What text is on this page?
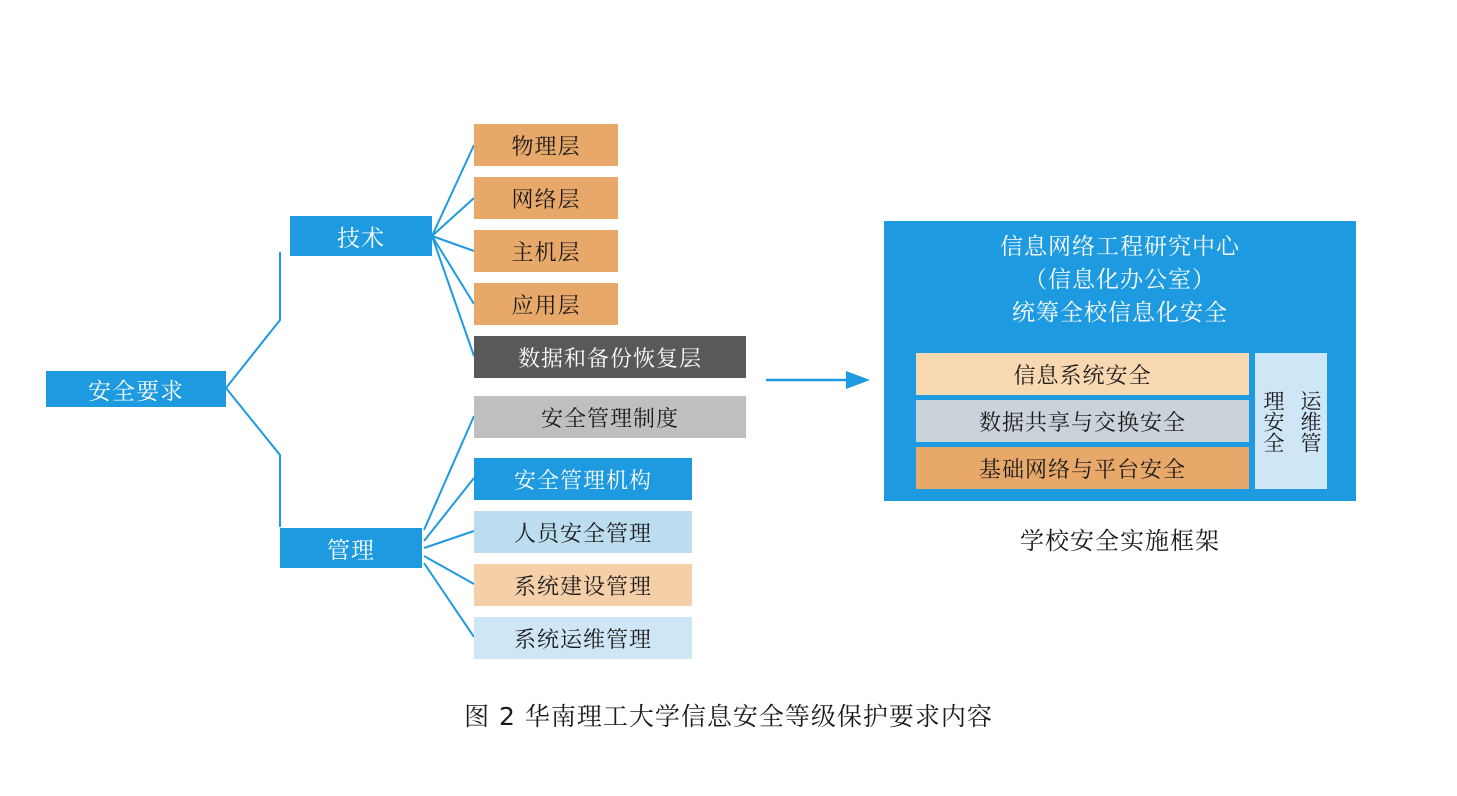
安全要求
技术
管理
物理层
网络层
主机层
应用层
数据和备份恢复层
安全管理制度
安全管理机构
人员安全管理
系统建设管理
系统运维管理
信息网络工程研究中心
（信息化办公室）
统筹全校信息化安全
信息系统安全
数据共享与交换安全
基础网络与平台安全
理安全 运维管
学校安全实施框架
图 2 华南理工大学信息安全等级保护要求内容
